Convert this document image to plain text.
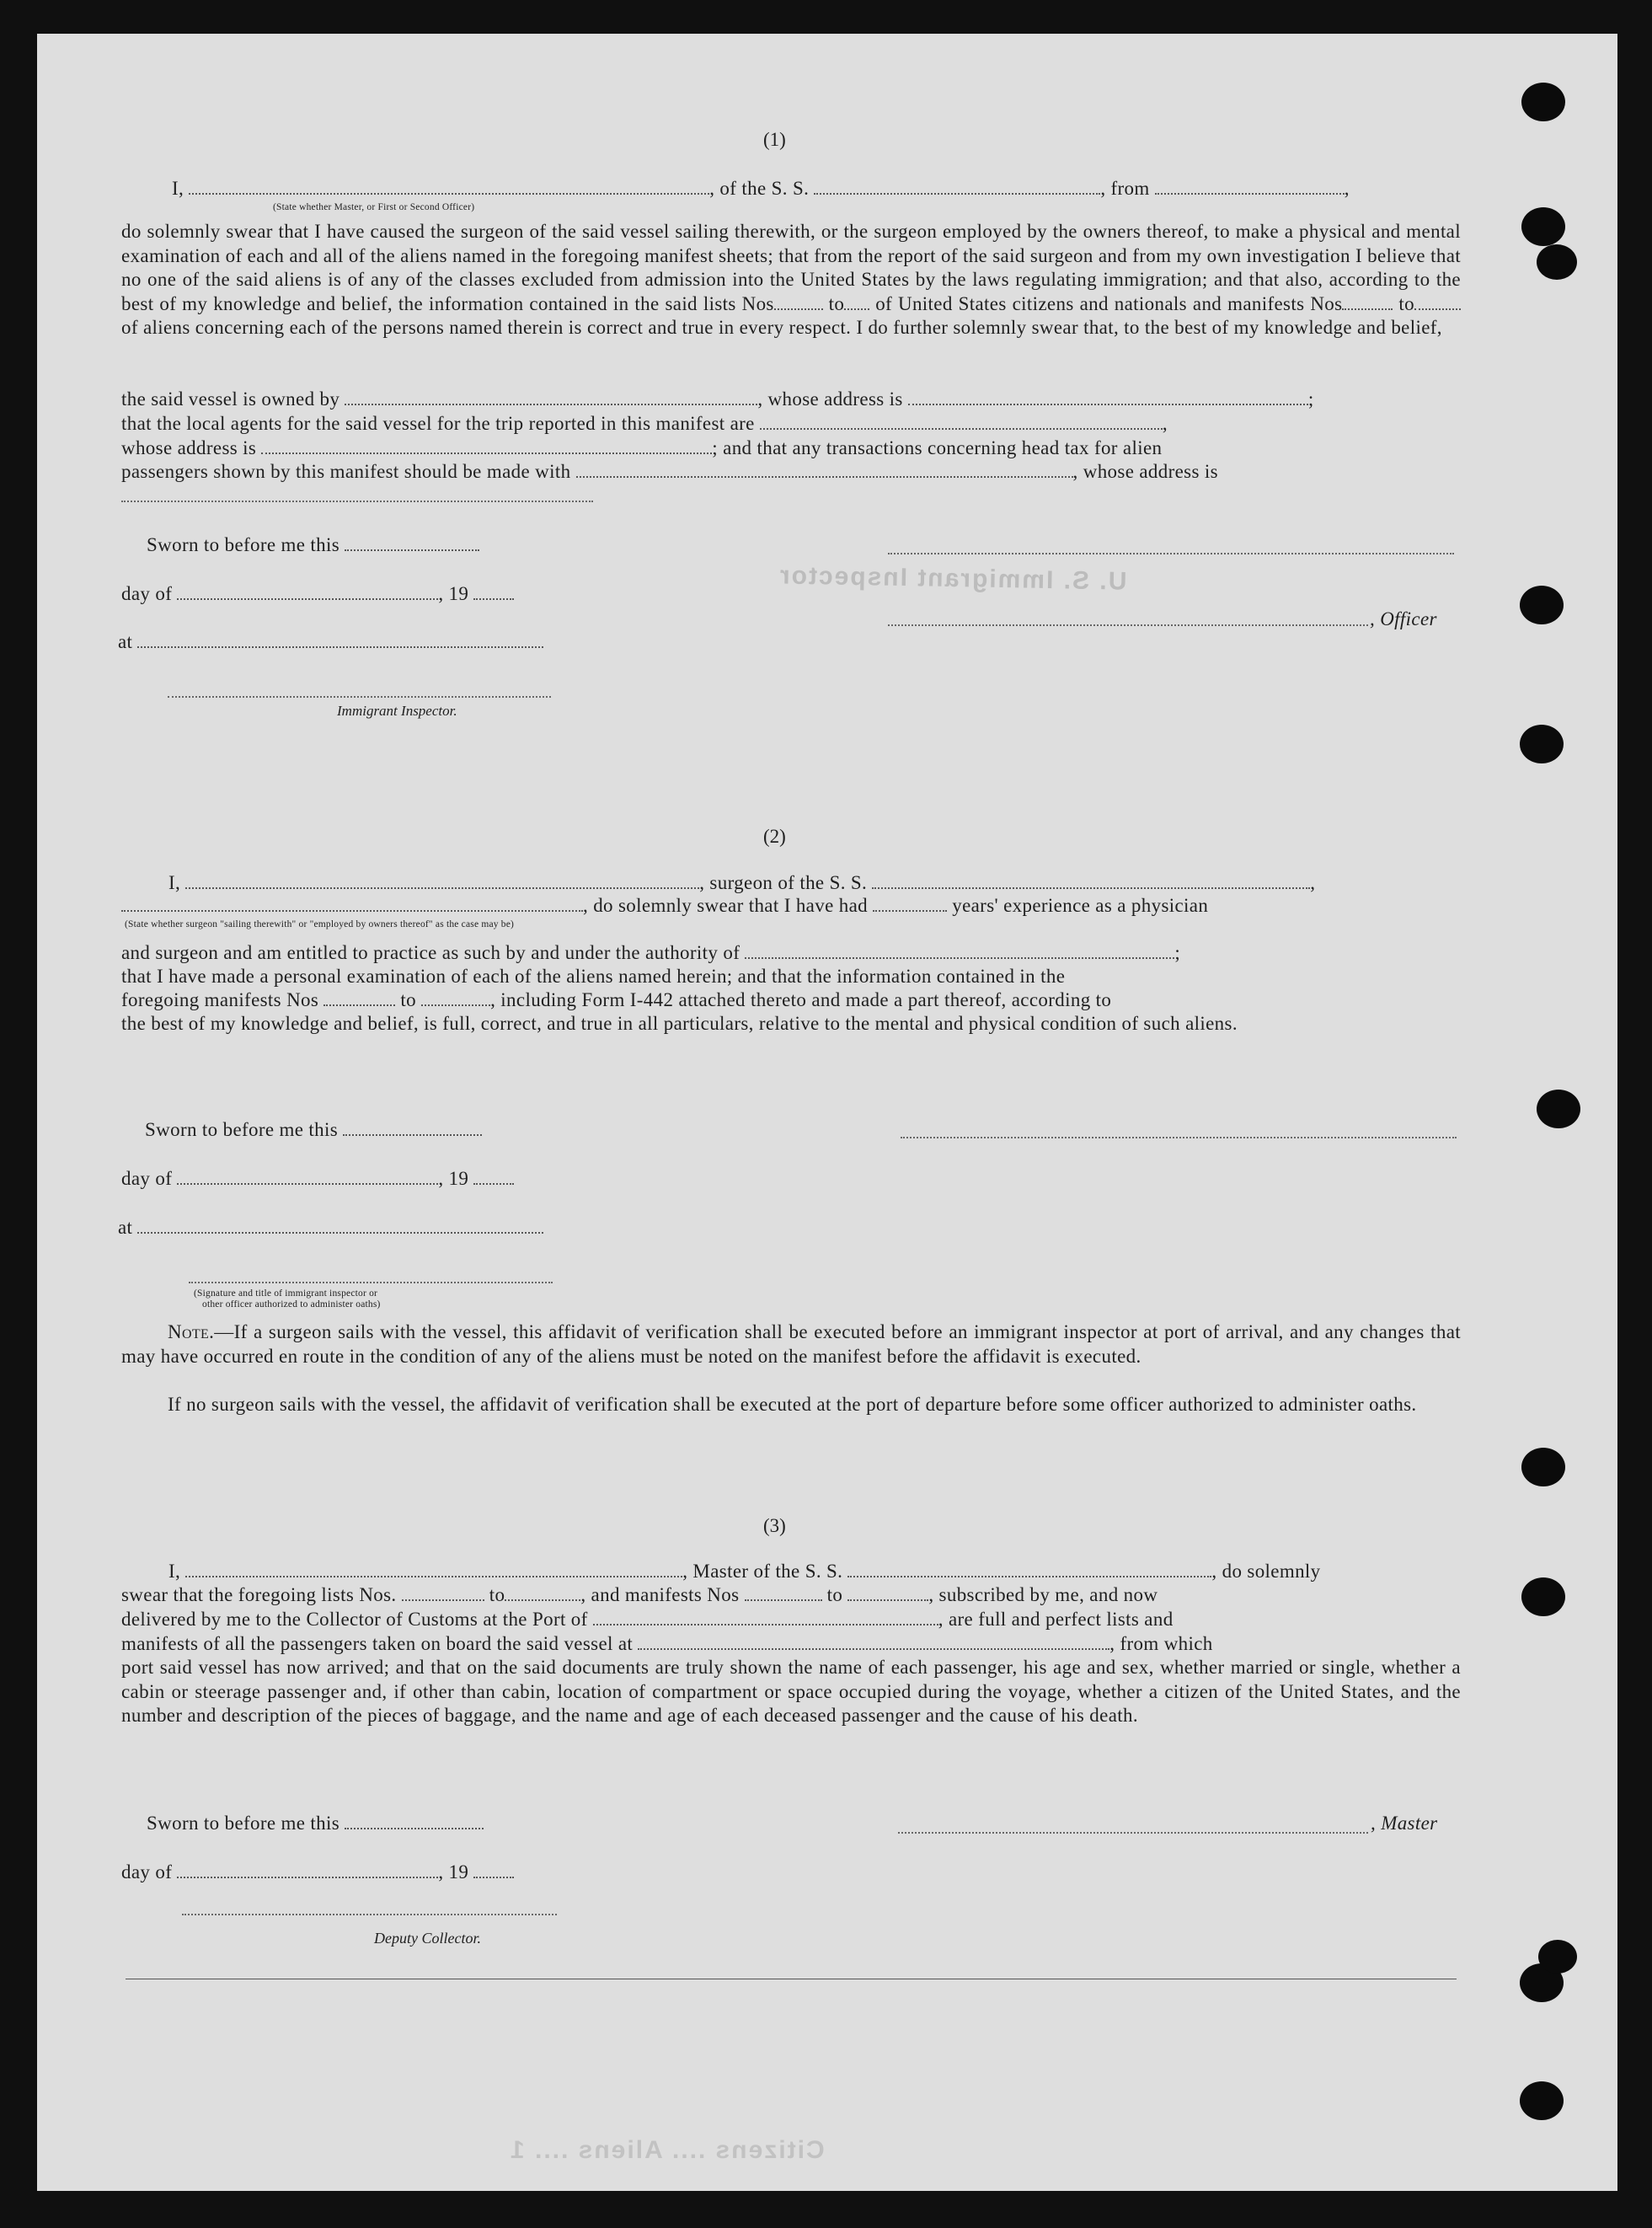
U. S. Immigrant Inspector
Citizens .... Aliens .... 1
(1)
I,	, of the S. S.	, from	,
(State whether Master, or First or Second Officer)
do solemnly swear that I have caused the surgeon of the said vessel sailing therewith, or the surgeon employed by the owners thereof, to make a physical and mental examination of each and all of the aliens named in the foregoing manifest sheets; that from the report of the said surgeon and from my own investigation I believe that no one of the said aliens is of any of the classes excluded from admission into the United States by the laws regulating immigration; and that also, according to the best of my knowledge and belief, the information contained in the said lists Nos	to of United States citizens and nationals and manifests Nos	to of aliens concerning each of the persons named therein is correct and true in every respect. I do further solemnly swear that, to the best of my knowledge and belief,
the said vessel is owned by	, whose address is	;
that the local agents for the said vessel for the trip reported in this manifest are	,
whose address is	; and that any transactions concerning head tax for alien
passengers shown by this manifest should be made with	, whose address is
Sworn to before me this
day of	, 19
, Officer
at
Immigrant Inspector.
(2)
I,	, surgeon of the S. S.	,
, do solemnly swear that I have had	years' experience as a physician
(State whether surgeon "sailing therewith" or "employed by owners thereof" as the case may be)
and surgeon and am entitled to practice as such by and under the authority of	;
that I have made a personal examination of each of the aliens named herein; and that the information contained in the
foregoing manifests Nos	to	, including Form I-442 attached thereto and made a part thereof, according to
the best of my knowledge and belief, is full, correct, and true in all particulars, relative to the mental and physical condition of such aliens.
Sworn to before me this
day of	, 19
at
(Signature and title of immigrant inspector or
other officer authorized to administer oaths)
Note.—If a surgeon sails with the vessel, this affidavit of verification shall be executed before an immigrant inspector at port of arrival, and any changes that may have occurred en route in the condition of any of the aliens must be noted on the manifest before the affidavit is executed.
If no surgeon sails with the vessel, the affidavit of verification shall be executed at the port of departure before some officer authorized to administer oaths.
(3)
I,	, Master of the S. S.	, do solemnly
swear that the foregoing lists Nos.	to	, and manifests Nos	to	, subscribed by me, and now
delivered by me to the Collector of Customs at the Port of	, are full and perfect lists and
manifests of all the passengers taken on board the said vessel at	, from which
port said vessel has now arrived; and that on the said documents are truly shown the name of each passenger, his age and sex, whether married or single, whether a cabin or steerage passenger and, if other than cabin, location of compartment or space occupied during the voyage, whether a citizen of the United States, and the number and description of the pieces of baggage, and the name and age of each deceased passenger and the cause of his death.
Sworn to before me this	, Master
day of	, 19
Deputy Collector.
